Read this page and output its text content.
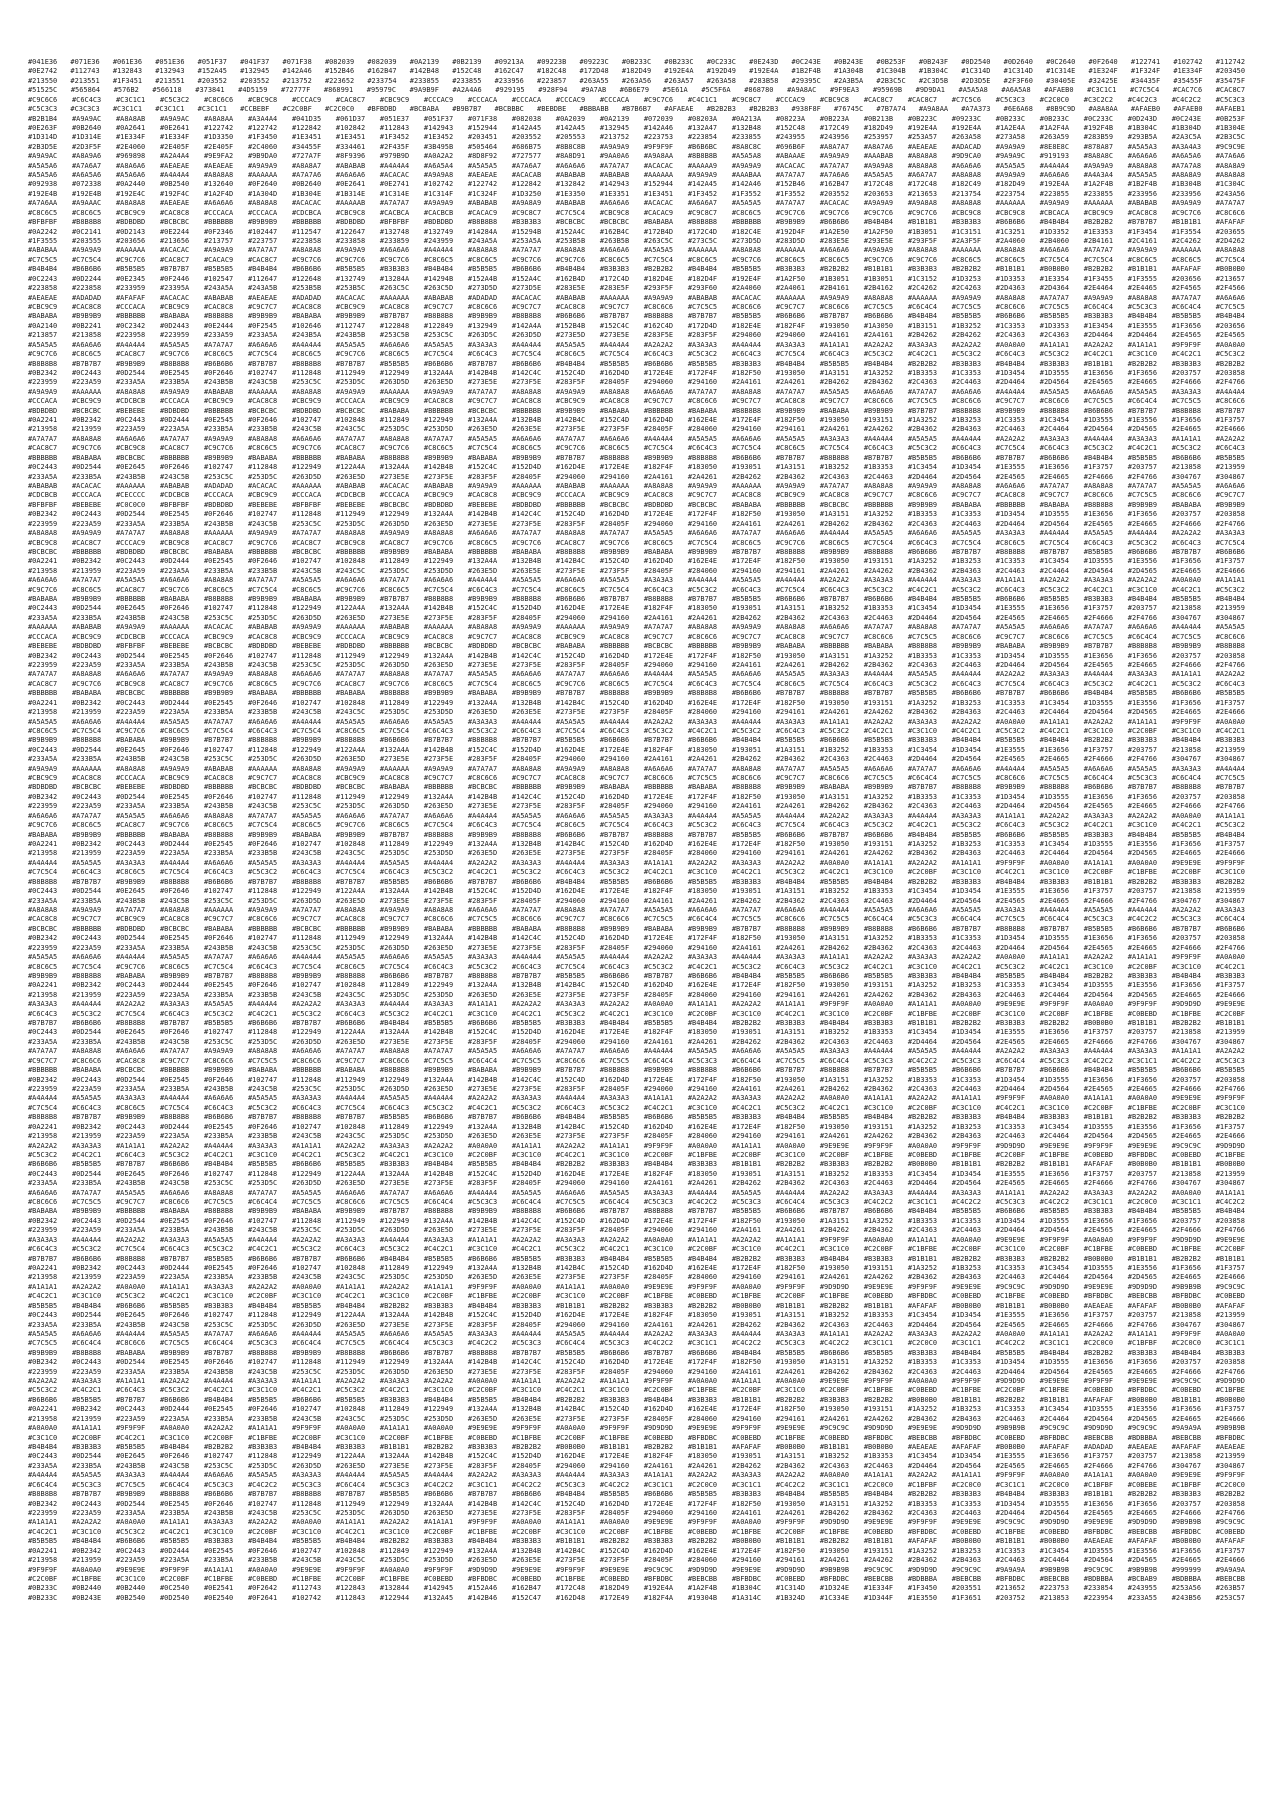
#041E36 #071E36 #061E36 #051E36 #051F37 #041F37 #071F38 #082039 #082039 #0A2139 #0B2139 #09213A #09223B #09223C #0B233C #0B233C #0C233C #0E243D #0C243E #0B243E #0B253F #0B243F #0D2540 #0D2640 #0C2640 #0F2640 #122741 #102742 #112742
#0E2742 #112743 #132843 #132943 #152A45 #132945 #142A46 #152B46 #162B47 #142B48 #152C48 #162C47 #182C48 #172D48 #182D49 #192E4A #192D49 #192E4A #1B2F4B #1A304B #1C304B #1B304C #1C314D #1C314D #1C314E #1E324F #1F324F #1E334F #203450
#213550 #213551 #1F3451 #213551 #203552 #203552 #213752 #223652 #233754 #233855 #233855 #233956 #223857 #263A55 #263A56 #263A57 #263A58 #283B58 #29395C #2A3B5A #2B3C5C #2C3D5B #2D3D5E #2F3F60 #30405E #32425E #34435F #35455F #35475F
#51525C #565864 #576B2 #566118 #373841 #4D5159 #72777F #868991 #95979C #9A9B9F #A2A4A6 #929195 #928F94 #9A7AB #6B6E79 #5E61A #5C5F6A #868780 #A9A8AC #9F9EA3 #95969B #9D9DA1 #A5A5A8 #A6A5A8 #AFAEB0 #C3C1C1 #C7C5C4 #CAC7C6 #CAC8C7
#C9C6C6 #C6C4C3 #C3C1C1 #C5C3C2 #C8C6C6 #CBC9C8 #CCCAC9 #CAC8C7 #CBC9C9 #CCCAC9 #CCCACA #CCCACA #CCCAC9 #CCCACA #C9C7C6 #C4C1C1 #C9C8C7 #CCCAC9 #CBC9C8 #CAC8C7 #CAC8C7 #C7C5C6 #C5C3C3 #C2C0C0 #C3C2C2 #C4C2C3 #C4C2C2 #C5C3C3
#C5C3C3 #C3C3C3 #C3C1C1 #C3C1C1 #C3C1C1 #CCBEBF #C2C0BF #C2C0C0 #BFBDBD #BCBABA #B9B7B7 #BCBBBC #BEBDBE #BBBABB #B7B6B7 #AFAEAE #B2B2B3 #B2B2B3 #938F8F #76745C #7B7A74 #A9A8AA #A7A373 #6E6A68 #8B9C9D #A8A8AA #AFAEB0 #AFAEB0 #AFAEB1
#B2B1B4 #A9A9AC #A8A8AB #A9A9AC #A8A8AA #A3A4A4 #041D35 #061D37 #051E37 #051F37 #071F38 #082038 #0A2039 #0A2139 #072039 #08203A #0A213A #08223A #0B223A #0B213B #0B223C #09233C #0B233C #0B233C #0C233C #0D243D #0C243E #0B253F
#0E263F #0B2640 #0A2641 #0E2641 #122742 #122742 #122842 #102842 #112843 #142943 #152944 #142A45 #142A45 #132945 #142A46 #132A47 #132B48 #152C48 #172C49 #182D49 #192E4A #192E4A #1A2E4A #1A2F4A #192F4B #1B304C #1B304D #1B304E
#1D314D #1D314E #1E334F #1E334F #1D3350 #1F3450 #1E3451 #1E3451 #1F3452 #1E3452 #203451 #203552 #205553 #213752 #223753 #223854 #233855 #243955 #243956 #253957 #253A57 #263A58 #273A58 #263A59 #283B59 #293B5A #2A3C5A #2B3C5C
#2B3D5E #2D3F5F #2E4060 #2E405F #2E405F #2C4060 #34455F #334461 #2F435F #3B495B #505464 #686B75 #8B8C8B #A9A9A9 #9F9F9F #B6B6BC #8A8C8C #696B6F #A8A7A7 #A8A7A6 #AEAEAE #ADACAD #A9A9A9 #8E8E8C #878A87 #A5A5A3 #A3A4A3 #9C9C9E
#A9A9AC #A8A9A6 #969898 #A2A4A4 #9E9FA2 #9B9DA0 #727A7F #8F9396 #979B9D #A0A2A2 #8D8F92 #727577 #8A8D91 #9AA0A6 #A9A8AA #8B8B8B #A5A5A8 #ABAAAE #A9A9A9 #AAABAB #A8A8A8 #9D9CA0 #9A9A9C #919193 #8A8A8C #A6A6A6 #A6A5A6 #A7A6A6
#A5A5A6 #A7A6A7 #A8A6A6 #AEAEAE #AEAEAE #A9A9A9 #A8A8A7 #ABABAB #A4A4A4 #A6A5A4 #A5A5A5 #A7A6A7 #A6A6A6 #A7A7A7 #ACACAC #AAAAA9 #A9A9A9 #ACACAC #A7A7A7 #A9A9A8 #A8A8A8 #A6A6A6 #A5A5A5 #A4A4A4 #A9A9A9 #A8A8A8 #A7A7A8 #A8A8A9
#A5A5A6 #A6A5A6 #A5A6A6 #A4A4A4 #A8A8A8 #AAAAAA #A7A7A6 #A6A6A6 #ACACAC #A9A9A8 #AEAEAE #ACACAB #ABABAB #ABABAB #AAAAAA #A9A9A9 #AAABAA #A7A7A7 #A7A6A6 #A5A5A5 #A6A7A7 #A8A8A8 #A9A9A9 #A6A6A6 #A4A3A4 #A5A5A5 #A8A8A9 #A8A8A8
#092938 #072338 #0A2440 #0B2540 #132640 #0F2640 #0B2640 #0E2641 #0E2741 #102742 #122742 #122842 #132842 #142943 #152944 #142A45 #142A46 #152B46 #162B47 #172C48 #172C48 #182C49 #182D49 #192E4A #1A2F4B #1B2F4B #1B304B #1C304C
#192E4B #192E4B #192E4C #192F4C #1A2F4D #1A304D #1B304E #1B314E #1C314E #1C314F #1C324F #1D3250 #1E3350 #1E3351 #1E3451 #1F3452 #1F3552 #1F3552 #203552 #203653 #213653 #213754 #223754 #223855 #233855 #233956 #233956 #243A56
#A7A6AA #A9AAAC #A8A8A8 #AEAEAE #A6A6A6 #A8A8A8 #ACACAC #AAAAAB #A7A7A7 #A9A9A9 #ABABAB #A9A8A9 #ABABAB #A6A6A6 #ACACAC #A6A6A7 #A5A5A5 #A7A7A7 #ACACAC #A9A9A9 #A9A8A8 #A8A8A8 #AAAAAA #A9A9A9 #AAAAAA #ABABAB #A9A9A9 #A7A7A7
#C8C6C5 #C8C6C5 #CBC9C9 #CAC8C8 #CCCACA #CCCACA #CDCBCA #CBC9C8 #CACBCA #CACBCB #CACAC9 #C9C8C7 #C7C5C4 #CBC9C8 #CACAC9 #C9C8C7 #C8C6C5 #C9C7C6 #C9C7C6 #C9C7C6 #C9C7C6 #CBC9C8 #CBC9C8 #CBCACA #CBC9C9 #CAC8C8 #C9C7C6 #C8C6C6
#BFBFBF #B8B8B8 #BDBDBD #BCBCBC #BBBBBB #B9B9B9 #BBBBBB #BDBDBD #BFBFBF #BDBDBD #B8B8B8 #B3B3B3 #BCBCBC #BCBCBC #BABABA #B8B8B8 #BBBBBB #B9B9B9 #B6B6B6 #B4B4B4 #B1B1B1 #B3B3B3 #B6B6B6 #B4B4B4 #B2B2B2 #B7B7B7 #B1B1B1 #AFAFAF
#0A2242 #0C2141 #0D2143 #0E2244 #0F2346 #102447 #112547 #122647 #132748 #132749 #14284A #15294B #152A4C #162B4C #172B4D #172C4D #182C4E #192D4F #1A2E50 #1A2F50 #1B3051 #1C3151 #1C3251 #1D3352 #1E3353 #1F3454 #1F3554 #203655
#1F3555 #203555 #203656 #213656 #213757 #223757 #223858 #233858 #233859 #243959 #243A5A #253A5A #253B5B #263B5B #263C5C #273C5C #273D5D #283D5D #283E5E #293E5E #293F5F #2A3F5F #2A4060 #2B4060 #2B4161 #2C4161 #2C4262 #2D4262
#ABABAA #A9A9A9 #AAAAAA #ACACAC #A9A9A9 #A7A7A7 #A8A8A8 #A9A9A9 #A6A6A6 #A4A4A4 #A8A8A8 #A7A7A7 #A8A8A8 #A6A6A6 #A5A5A5 #AAAAAA #A8A8A8 #AAAAAA #A6A6A6 #A9A9A9 #A8A8A8 #AAAAAA #A8A8A8 #A6A6A6 #A7A7A7 #A9A9A9 #AAAAAA #A8A8A8
#C7C5C5 #C7C5C4 #C9C7C6 #CAC8C7 #CACAC9 #CAC8C7 #C9C7C6 #C9C7C6 #C9C7C6 #C8C6C5 #C8C6C5 #C9C7C6 #C9C7C6 #C8C6C5 #C7C5C4 #C8C6C5 #C9C7C6 #C8C6C5 #C8C6C5 #C9C7C6 #C9C7C6 #C8C6C5 #C8C6C5 #C7C5C4 #C7C5C4 #C8C6C5 #C8C6C5 #C7C5C4
#B4B4B4 #B6B6B6 #B5B5B5 #B7B7B7 #B5B5B5 #B4B4B4 #B6B6B6 #B5B5B5 #B3B3B3 #B4B4B4 #B5B5B5 #B6B6B6 #B4B4B4 #B3B3B3 #B2B2B2 #B4B4B4 #B5B5B5 #B3B3B3 #B2B2B2 #B1B1B1 #B3B3B3 #B2B2B2 #B1B1B1 #B0B0B0 #B2B2B2 #B1B1B1 #AFAFAF #B0B0B0
#0C2243 #0D2244 #0E2345 #0F2446 #102547 #112647 #122648 #132749 #13284A #14294B #152A4B #152A4C #162B4D #172C4D #182D4E #182D4F #192E4F #1A2F50 #1B3051 #1B3051 #1C3152 #1D3253 #1D3353 #1E3354 #1F3455 #1F3555 #203656 #213657
#223858 #223858 #233959 #23395A #243A5A #243A5B #253B5B #253B5C #263C5C #263C5D #273D5D #273D5E #283E5E #283E5F #293F5F #293F60 #2A4060 #2A4061 #2B4161 #2B4162 #2C4262 #2C4263 #2D4363 #2D4364 #2E4464 #2E4465 #2F4565 #2F4566
#AEAEAE #ADADAD #AFAFAF #ACACAC #ABABAB #AEAEAE #ADADAD #ACACAC #AAAAAA #ABABAB #ADADAD #ACACAC #ABABAB #AAAAAA #A9A9A9 #ABABAB #ACACAC #AAAAAA #A9A9A9 #A8A8A8 #AAAAAA #A9A9A9 #A8A8A8 #A7A7A7 #A9A9A9 #A8A8A8 #A7A7A7 #A6A6A6
#CBC9C9 #CAC8C8 #CCCACA #CBC9C9 #CAC8C8 #C9C7C7 #CAC8C8 #CBC9C9 #CAC8C8 #C9C7C7 #C8C6C6 #C9C7C7 #CAC8C8 #C9C7C7 #C8C6C6 #C7C5C5 #C8C6C6 #C9C7C7 #C8C6C6 #C7C5C5 #C6C4C4 #C7C5C5 #C8C6C6 #C7C5C5 #C6C4C4 #C5C3C3 #C6C4C4 #C7C5C5
#BABABA #B9B9B9 #BBBBBB #BABABA #B8B8B8 #B9B9B9 #BABABA #B9B9B9 #B7B7B7 #B8B8B8 #B9B9B9 #B8B8B8 #B6B6B6 #B7B7B7 #B8B8B8 #B7B7B7 #B5B5B5 #B6B6B6 #B7B7B7 #B6B6B6 #B4B4B4 #B5B5B5 #B6B6B6 #B5B5B5 #B3B3B3 #B4B4B4 #B5B5B5 #B4B4B4
#0A2140 #0B2241 #0C2342 #0D2443 #0E2444 #0F2545 #102646 #112747 #122848 #122849 #132949 #142A4A #152B4B #152C4C #162C4D #172D4D #182E4E #182F4F #193050 #1A3050 #1B3151 #1B3252 #1C3353 #1D3353 #1E3454 #1E3555 #1F3656 #203656
#213857 #213858 #223958 #223959 #233A59 #233A5A #243B5A #243B5B #253C5B #253C5C #263D5C #263D5D #273E5D #273E5E #283F5E #283F5F #294060 #294060 #2A4161 #2A4161 #2B4262 #2B4262 #2C4363 #2C4363 #2D4464 #2D4464 #2E4565 #2E4565
#A5A5A5 #A6A6A6 #A4A4A4 #A5A5A5 #A7A7A7 #A6A6A6 #A4A4A4 #A5A5A5 #A6A6A6 #A5A5A5 #A3A3A3 #A4A4A4 #A5A5A5 #A4A4A4 #A2A2A2 #A3A3A3 #A4A4A4 #A3A3A3 #A1A1A1 #A2A2A2 #A3A3A3 #A2A2A2 #A0A0A0 #A1A1A1 #A2A2A2 #A1A1A1 #9F9F9F #A0A0A0
#C9C7C6 #C8C6C5 #CAC8C7 #C9C7C6 #C8C6C5 #C7C5C4 #C8C6C5 #C9C7C6 #C8C6C5 #C7C5C4 #C6C4C3 #C7C5C4 #C8C6C5 #C7C5C4 #C6C4C3 #C5C3C2 #C6C4C3 #C7C5C4 #C6C4C3 #C5C3C2 #C4C2C1 #C5C3C2 #C6C4C3 #C5C3C2 #C4C2C1 #C3C1C0 #C4C2C1 #C5C3C2
#B8B8B8 #B7B7B7 #B9B9B9 #B8B8B8 #B6B6B6 #B7B7B7 #B8B8B8 #B7B7B7 #B5B5B5 #B6B6B6 #B7B7B7 #B6B6B6 #B4B4B4 #B5B5B5 #B6B6B6 #B5B5B5 #B3B3B3 #B4B4B4 #B5B5B5 #B4B4B4 #B2B2B2 #B3B3B3 #B4B4B4 #B3B3B3 #B1B1B1 #B2B2B2 #B3B3B3 #B2B2B2
#0B2342 #0C2443 #0D2544 #0E2545 #0F2646 #102747 #112848 #112949 #122949 #132A4A #142B4B #142C4C #152C4D #162D4D #172E4E #172F4F #182F50 #193050 #1A3151 #1A3252 #1B3353 #1C3353 #1D3454 #1D3555 #1E3656 #1F3656 #203757 #203858
#223959 #223A59 #233A5A #233B5A #243B5B #243C5B #253C5C #253D5C #263D5D #263E5D #273E5E #273F5E #283F5F #28405F #294060 #294160 #2A4161 #2A4261 #2B4262 #2B4362 #2C4363 #2C4463 #2D4464 #2D4564 #2E4565 #2E4665 #2F4666 #2F4766
#A9A9A9 #AAAAAA #A8A8A8 #A9A9A9 #ABABAB #AAAAAA #A8A8A8 #A9A9A9 #AAAAAA #A9A9A9 #A7A7A7 #A8A8A8 #A9A9A9 #A8A8A8 #A6A6A6 #A7A7A7 #A8A8A8 #A7A7A7 #A5A5A5 #A6A6A6 #A7A7A7 #A6A6A6 #A4A4A4 #A5A5A5 #A6A6A6 #A5A5A5 #A3A3A3 #A4A4A4
#CCCACA #CBC9C9 #CDCBCB #CCCACA #CBC9C9 #CAC8C8 #CBC9C9 #CCCACA #CBC9C9 #CAC8C8 #C9C7C7 #CAC8C8 #CBC9C9 #CAC8C8 #C9C7C7 #C8C6C6 #C9C7C7 #CAC8C8 #C9C7C7 #C8C6C6 #C7C5C5 #C8C6C6 #C9C7C7 #C8C6C6 #C7C5C5 #C6C4C4 #C7C5C5 #C8C6C6
#BDBDBD #BCBCBC #BEBEBE #BDBDBD #BBBBBB #BCBCBC #BDBDBD #BCBCBC #BABABA #BBBBBB #BCBCBC #BBBBBB #B9B9B9 #BABABA #BBBBBB #BABABA #B8B8B8 #B9B9B9 #BABABA #B9B9B9 #B7B7B7 #B8B8B8 #B9B9B9 #B8B8B8 #B6B6B6 #B7B7B7 #B8B8B8 #B7B7B7
#0A2241 #0B2342 #0C2443 #0D2444 #0E2545 #0F2646 #102747 #102848 #112849 #122949 #132A4A #132B4B #142B4C #152C4D #162D4D #162E4E #172E4F #182F50 #193050 #193151 #1A3252 #1B3253 #1C3353 #1C3454 #1D3555 #1E3556 #1F3656 #1F3757
#213958 #213959 #223A59 #223A5A #233B5A #233B5B #243C5B #243C5C #253D5C #253D5D #263E5D #263E5E #273F5E #273F5F #28405F #284060 #294160 #294161 #2A4261 #2A4262 #2B4362 #2B4363 #2C4463 #2C4464 #2D4564 #2D4565 #2E4665 #2E4666
#A7A7A7 #A8A8A8 #A6A6A6 #A7A7A7 #A9A9A9 #A8A8A8 #A6A6A6 #A7A7A7 #A8A8A8 #A7A7A7 #A5A5A5 #A6A6A6 #A7A7A7 #A6A6A6 #A4A4A4 #A5A5A5 #A6A6A6 #A5A5A5 #A3A3A3 #A4A4A4 #A5A5A5 #A4A4A4 #A2A2A2 #A3A3A3 #A4A4A4 #A3A3A3 #A1A1A1 #A2A2A2
#CAC8C7 #C9C7C6 #CBC9C8 #CAC8C7 #C9C7C6 #C8C6C5 #C9C7C6 #CAC8C7 #C9C7C6 #C8C6C5 #C7C5C4 #C8C6C5 #C9C7C6 #C8C6C5 #C7C5C4 #C6C4C3 #C7C5C4 #C8C6C5 #C7C5C4 #C6C4C3 #C5C3C2 #C6C4C3 #C7C5C4 #C6C4C3 #C5C3C2 #C4C2C1 #C5C3C2 #C6C4C3
#BBBBBB #BABABA #BCBCBC #BBBBBB #B9B9B9 #BABABA #BBBBBB #BABABA #B8B8B8 #B9B9B9 #BABABA #B9B9B9 #B7B7B7 #B8B8B8 #B9B9B9 #B8B8B8 #B6B6B6 #B7B7B7 #B8B8B8 #B7B7B7 #B5B5B5 #B6B6B6 #B7B7B7 #B6B6B6 #B4B4B4 #B5B5B5 #B6B6B6 #B5B5B5
#0C2443 #0D2544 #0E2645 #0F2646 #102747 #112848 #122949 #122A4A #132A4A #142B4B #152C4C #152D4D #162D4E #172E4E #182F4F #183050 #193051 #1A3151 #1B3252 #1B3353 #1C3454 #1D3454 #1E3555 #1E3656 #1F3757 #203757 #213858 #213959
#233A5A #233B5A #243B5B #243C5B #253C5C #253D5C #263D5D #263E5D #273E5E #273F5E #283F5F #28405F #294060 #294160 #2A4161 #2A4261 #2B4262 #2B4362 #2C4363 #2C4463 #2D4464 #2D4564 #2E4565 #2E4665 #2F4666 #2F4766 #304767 #304867
#ABABAB #ACACAC #AAAAAA #ABABAB #ADADAD #ACACAC #AAAAAA #ABABAB #ACACAC #ABABAB #A9A9A9 #AAAAAA #ABABAB #AAAAAA #A8A8A8 #A9A9A9 #AAAAAA #A9A9A9 #A7A7A7 #A8A8A8 #A9A9A9 #A8A8A8 #A6A6A6 #A7A7A7 #A8A8A8 #A7A7A7 #A5A5A5 #A6A6A6
#CDCBCB #CCCACA #CECCCC #CDCBCB #CCCACA #CBC9C9 #CCCACA #CDCBCB #CCCACA #CBC9C9 #CAC8C8 #CBC9C9 #CCCACA #CBC9C9 #CAC8C8 #C9C7C7 #CAC8C8 #CBC9C9 #CAC8C8 #C9C7C7 #C8C6C6 #C9C7C7 #CAC8C8 #C9C7C7 #C8C6C6 #C7C5C5 #C8C6C6 #C9C7C7
#BFBFBF #BEBEBE #C0C0C0 #BFBFBF #BDBDBD #BEBEBE #BFBFBF #BEBEBE #BCBCBC #BDBDBD #BEBEBE #BDBDBD #BBBBBB #BCBCBC #BDBDBD #BCBCBC #BABABA #BBBBBB #BCBCBC #BBBBBB #B9B9B9 #BABABA #BBBBBB #BABABA #B8B8B8 #B9B9B9 #BABABA #B9B9B9
#0B2342 #0C2443 #0D2544 #0E2545 #0F2646 #102747 #112848 #112949 #122949 #132A4A #142B4B #142C4C #152C4D #162D4D #172E4E #172F4F #182F50 #193050 #1A3151 #1A3252 #1B3353 #1C3353 #1D3454 #1D3555 #1E3656 #1F3656 #203757 #203858
#223959 #223A59 #233A5A #233B5A #243B5B #243C5B #253C5C #253D5C #263D5D #263E5D #273E5E #273F5E #283F5F #28405F #294060 #294160 #2A4161 #2A4261 #2B4262 #2B4362 #2C4363 #2C4463 #2D4464 #2D4564 #2E4565 #2E4665 #2F4666 #2F4766
#A8A8A8 #A9A9A9 #A7A7A7 #A8A8A8 #AAAAAA #A9A9A9 #A7A7A7 #A8A8A8 #A9A9A9 #A8A8A8 #A6A6A6 #A7A7A7 #A8A8A8 #A7A7A7 #A5A5A5 #A6A6A6 #A7A7A7 #A6A6A6 #A4A4A4 #A5A5A5 #A6A6A6 #A5A5A5 #A3A3A3 #A4A4A4 #A5A5A5 #A4A4A4 #A2A2A2 #A3A3A3
#CBC9C8 #CAC8C7 #CCCAC9 #CBC9C8 #CAC8C7 #C9C7C6 #CAC8C7 #CBC9C8 #CAC8C7 #C9C7C6 #C8C6C5 #C9C7C6 #CAC8C7 #C9C7C6 #C8C6C5 #C7C5C4 #C8C6C5 #C9C7C6 #C8C6C5 #C7C5C4 #C6C4C3 #C7C5C4 #C8C6C5 #C7C5C4 #C6C4C3 #C5C3C2 #C6C4C3 #C7C5C4
#BCBCBC #BBBBBB #BDBDBD #BCBCBC #BABABA #BBBBBB #BCBCBC #BBBBBB #B9B9B9 #BABABA #BBBBBB #BABABA #B8B8B8 #B9B9B9 #BABABA #B9B9B9 #B7B7B7 #B8B8B8 #B9B9B9 #B8B8B8 #B6B6B6 #B7B7B7 #B8B8B8 #B7B7B7 #B5B5B5 #B6B6B6 #B7B7B7 #B6B6B6
#0A2241 #0B2342 #0C2443 #0D2444 #0E2545 #0F2646 #102747 #102848 #112849 #122949 #132A4A #132B4B #142B4C #152C4D #162D4D #162E4E #172E4F #182F50 #193050 #193151 #1A3252 #1B3253 #1C3353 #1C3454 #1D3555 #1E3556 #1F3656 #1F3757
#213958 #213959 #223A59 #223A5A #233B5A #233B5B #243C5B #243C5C #253D5C #253D5D #263E5D #263E5E #273F5E #273F5F #28405F #284060 #294160 #294161 #2A4261 #2A4262 #2B4362 #2B4363 #2C4463 #2C4464 #2D4564 #2D4565 #2E4665 #2E4666
#A6A6A6 #A7A7A7 #A5A5A5 #A6A6A6 #A8A8A8 #A7A7A7 #A5A5A5 #A6A6A6 #A7A7A7 #A6A6A6 #A4A4A4 #A5A5A5 #A6A6A6 #A5A5A5 #A3A3A3 #A4A4A4 #A5A5A5 #A4A4A4 #A2A2A2 #A3A3A3 #A4A4A4 #A3A3A3 #A1A1A1 #A2A2A2 #A3A3A3 #A2A2A2 #A0A0A0 #A1A1A1
#C9C7C6 #C8C6C5 #CAC8C7 #C9C7C6 #C8C6C5 #C7C5C4 #C8C6C5 #C9C7C6 #C8C6C5 #C7C5C4 #C6C4C3 #C7C5C4 #C8C6C5 #C7C5C4 #C6C4C3 #C5C3C2 #C6C4C3 #C7C5C4 #C6C4C3 #C5C3C2 #C4C2C1 #C5C3C2 #C6C4C3 #C5C3C2 #C4C2C1 #C3C1C0 #C4C2C1 #C5C3C2
#BABABA #B9B9B9 #BBBBBB #BABABA #B8B8B8 #B9B9B9 #BABABA #B9B9B9 #B7B7B7 #B8B8B8 #B9B9B9 #B8B8B8 #B6B6B6 #B7B7B7 #B8B8B8 #B7B7B7 #B5B5B5 #B6B6B6 #B7B7B7 #B6B6B6 #B4B4B4 #B5B5B5 #B6B6B6 #B5B5B5 #B3B3B3 #B4B4B4 #B5B5B5 #B4B4B4
#0C2443 #0D2544 #0E2645 #0F2646 #102747 #112848 #122949 #122A4A #132A4A #142B4B #152C4C #152D4D #162D4E #172E4E #182F4F #183050 #193051 #1A3151 #1B3252 #1B3353 #1C3454 #1D3454 #1E3555 #1E3656 #1F3757 #203757 #213858 #213959
#233A5A #233B5A #243B5B #243C5B #253C5C #253D5C #263D5D #263E5D #273E5E #273F5E #283F5F #28405F #294060 #294160 #2A4161 #2A4261 #2B4262 #2B4362 #2C4363 #2C4463 #2D4464 #2D4564 #2E4565 #2E4665 #2F4666 #2F4766 #304767 #304867
#AAAAAA #ABABAB #A9A9A9 #AAAAAA #ACACAC #ABABAB #A9A9A9 #AAAAAA #ABABAB #AAAAAA #A8A8A8 #A9A9A9 #AAAAAA #A9A9A9 #A7A7A7 #A8A8A8 #A9A9A9 #A8A8A8 #A6A6A6 #A7A7A7 #A8A8A8 #A7A7A7 #A5A5A5 #A6A6A6 #A7A7A7 #A6A6A6 #A4A4A4 #A5A5A5
#CCCACA #CBC9C9 #CDCBCB #CCCACA #CBC9C9 #CAC8C8 #CBC9C9 #CCCACA #CBC9C9 #CAC8C8 #C9C7C7 #CAC8C8 #CBC9C9 #CAC8C8 #C9C7C7 #C8C6C6 #C9C7C7 #CAC8C8 #C9C7C7 #C8C6C6 #C7C5C5 #C8C6C6 #C9C7C7 #C8C6C6 #C7C5C5 #C6C4C4 #C7C5C5 #C8C6C6
#BEBEBE #BDBDBD #BFBFBF #BEBEBE #BCBCBC #BDBDBD #BEBEBE #BDBDBD #BBBBBB #BCBCBC #BDBDBD #BCBCBC #BABABA #BBBBBB #BCBCBC #BBBBBB #B9B9B9 #BABABA #BBBBBB #BABABA #B8B8B8 #B9B9B9 #BABABA #B9B9B9 #B7B7B7 #B8B8B8 #B9B9B9 #B8B8B8
#0B2342 #0C2443 #0D2544 #0E2545 #0F2646 #102747 #112848 #112949 #122949 #132A4A #142B4B #142C4C #152C4D #162D4D #172E4E #172F4F #182F50 #193050 #1A3151 #1A3252 #1B3353 #1C3353 #1D3454 #1D3555 #1E3656 #1F3656 #203757 #203858
#223959 #223A59 #233A5A #233B5A #243B5B #243C5B #253C5C #253D5C #263D5D #263E5D #273E5E #273F5E #283F5F #28405F #294060 #294160 #2A4161 #2A4261 #2B4262 #2B4362 #2C4363 #2C4463 #2D4464 #2D4564 #2E4565 #2E4665 #2F4666 #2F4766
#A7A7A7 #A8A8A8 #A6A6A6 #A7A7A7 #A9A9A9 #A8A8A8 #A6A6A6 #A7A7A7 #A8A8A8 #A7A7A7 #A5A5A5 #A6A6A6 #A7A7A7 #A6A6A6 #A4A4A4 #A5A5A5 #A6A6A6 #A5A5A5 #A3A3A3 #A4A4A4 #A5A5A5 #A4A4A4 #A2A2A2 #A3A3A3 #A4A4A4 #A3A3A3 #A1A1A1 #A2A2A2
#CAC8C7 #C9C7C6 #CBC9C8 #CAC8C7 #C9C7C6 #C8C6C5 #C9C7C6 #CAC8C7 #C9C7C6 #C8C6C5 #C7C5C4 #C8C6C5 #C9C7C6 #C8C6C5 #C7C5C4 #C6C4C3 #C7C5C4 #C8C6C5 #C7C5C4 #C6C4C3 #C5C3C2 #C6C4C3 #C7C5C4 #C6C4C3 #C5C3C2 #C4C2C1 #C5C3C2 #C6C4C3
#BBBBBB #BABABA #BCBCBC #BBBBBB #B9B9B9 #BABABA #BBBBBB #BABABA #B8B8B8 #B9B9B9 #BABABA #B9B9B9 #B7B7B7 #B8B8B8 #B9B9B9 #B8B8B8 #B6B6B6 #B7B7B7 #B8B8B8 #B7B7B7 #B5B5B5 #B6B6B6 #B7B7B7 #B6B6B6 #B4B4B4 #B5B5B5 #B6B6B6 #B5B5B5
#0A2241 #0B2342 #0C2443 #0D2444 #0E2545 #0F2646 #102747 #102848 #112849 #122949 #132A4A #132B4B #142B4C #152C4D #162D4D #162E4E #172E4F #182F50 #193050 #193151 #1A3252 #1B3253 #1C3353 #1C3454 #1D3555 #1E3556 #1F3656 #1F3757
#213958 #213959 #223A59 #223A5A #233B5A #233B5B #243C5B #243C5C #253D5C #253D5D #263E5D #263E5E #273F5E #273F5F #28405F #284060 #294160 #294161 #2A4261 #2A4262 #2B4362 #2B4363 #2C4463 #2C4464 #2D4564 #2D4565 #2E4665 #2E4666
#A5A5A5 #A6A6A6 #A4A4A4 #A5A5A5 #A7A7A7 #A6A6A6 #A4A4A4 #A5A5A5 #A6A6A6 #A5A5A5 #A3A3A3 #A4A4A4 #A5A5A5 #A4A4A4 #A2A2A2 #A3A3A3 #A4A4A4 #A3A3A3 #A1A1A1 #A2A2A2 #A3A3A3 #A2A2A2 #A0A0A0 #A1A1A1 #A2A2A2 #A1A1A1 #9F9F9F #A0A0A0
#C8C6C5 #C7C5C4 #C9C7C6 #C8C6C5 #C7C5C4 #C6C4C3 #C7C5C4 #C8C6C5 #C7C5C4 #C6C4C3 #C5C3C2 #C6C4C3 #C7C5C4 #C6C4C3 #C5C3C2 #C4C2C1 #C5C3C2 #C6C4C3 #C5C3C2 #C4C2C1 #C3C1C0 #C4C2C1 #C5C3C2 #C4C2C1 #C3C1C0 #C2C0BF #C3C1C0 #C4C2C1
#B9B9B9 #B8B8B8 #BABABA #B9B9B9 #B7B7B7 #B8B8B8 #B9B9B9 #B8B8B8 #B6B6B6 #B7B7B7 #B8B8B8 #B7B7B7 #B5B5B5 #B6B6B6 #B7B7B7 #B6B6B6 #B4B4B4 #B5B5B5 #B6B6B6 #B5B5B5 #B3B3B3 #B4B4B4 #B5B5B5 #B4B4B4 #B2B2B2 #B3B3B3 #B4B4B4 #B3B3B3
#0C2443 #0D2544 #0E2645 #0F2646 #102747 #112848 #122949 #122A4A #132A4A #142B4B #152C4C #152D4D #162D4E #172E4E #182F4F #183050 #193051 #1A3151 #1B3252 #1B3353 #1C3454 #1D3454 #1E3555 #1E3656 #1F3757 #203757 #213858 #213959
#233A5A #233B5A #243B5B #243C5B #253C5C #253D5C #263D5D #263E5D #273E5E #273F5E #283F5F #28405F #294060 #294160 #2A4161 #2A4261 #2B4262 #2B4362 #2C4363 #2C4463 #2D4464 #2D4564 #2E4565 #2E4665 #2F4666 #2F4766 #304767 #304867
#A9A9A9 #AAAAAA #A8A8A8 #A9A9A9 #ABABAB #AAAAAA #A8A8A8 #A9A9A9 #AAAAAA #A9A9A9 #A7A7A7 #A8A8A8 #A9A9A9 #A8A8A8 #A6A6A6 #A7A7A7 #A8A8A8 #A7A7A7 #A5A5A5 #A6A6A6 #A7A7A7 #A6A6A6 #A4A4A4 #A5A5A5 #A6A6A6 #A5A5A5 #A3A3A3 #A4A4A4
#CBC9C9 #CAC8C8 #CCCACA #CBC9C9 #CAC8C8 #C9C7C7 #CAC8C8 #CBC9C9 #CAC8C8 #C9C7C7 #C8C6C6 #C9C7C7 #CAC8C8 #C9C7C7 #C8C6C6 #C7C5C5 #C8C6C6 #C9C7C7 #C8C6C6 #C7C5C5 #C6C4C4 #C7C5C5 #C8C6C6 #C7C5C5 #C6C4C4 #C5C3C3 #C6C4C4 #C7C5C5
#BDBDBD #BCBCBC #BEBEBE #BDBDBD #BBBBBB #BCBCBC #BDBDBD #BCBCBC #BABABA #BBBBBB #BCBCBC #BBBBBB #B9B9B9 #BABABA #BBBBBB #BABABA #B8B8B8 #B9B9B9 #BABABA #B9B9B9 #B7B7B7 #B8B8B8 #B9B9B9 #B8B8B8 #B6B6B6 #B7B7B7 #B8B8B8 #B7B7B7
#0B2342 #0C2443 #0D2544 #0E2545 #0F2646 #102747 #112848 #112949 #122949 #132A4A #142B4B #142C4C #152C4D #162D4D #172E4E #172F4F #182F50 #193050 #1A3151 #1A3252 #1B3353 #1C3353 #1D3454 #1D3555 #1E3656 #1F3656 #203757 #203858
#223959 #223A59 #233A5A #233B5A #243B5B #243C5B #253C5C #253D5C #263D5D #263E5D #273E5E #273F5E #283F5F #28405F #294060 #294160 #2A4161 #2A4261 #2B4262 #2B4362 #2C4363 #2C4463 #2D4464 #2D4564 #2E4565 #2E4665 #2F4666 #2F4766
#A6A6A6 #A7A7A7 #A5A5A5 #A6A6A6 #A8A8A8 #A7A7A7 #A5A5A5 #A6A6A6 #A7A7A7 #A6A6A6 #A4A4A4 #A5A5A5 #A6A6A6 #A5A5A5 #A3A3A3 #A4A4A4 #A5A5A5 #A4A4A4 #A2A2A2 #A3A3A3 #A4A4A4 #A3A3A3 #A1A1A1 #A2A2A2 #A3A3A3 #A2A2A2 #A0A0A0 #A1A1A1
#C9C7C6 #C8C6C5 #CAC8C7 #C9C7C6 #C8C6C5 #C7C5C4 #C8C6C5 #C9C7C6 #C8C6C5 #C7C5C4 #C6C4C3 #C7C5C4 #C8C6C5 #C7C5C4 #C6C4C3 #C5C3C2 #C6C4C3 #C7C5C4 #C6C4C3 #C5C3C2 #C4C2C1 #C5C3C2 #C6C4C3 #C5C3C2 #C4C2C1 #C3C1C0 #C4C2C1 #C5C3C2
#BABABA #B9B9B9 #BBBBBB #BABABA #B8B8B8 #B9B9B9 #BABABA #B9B9B9 #B7B7B7 #B8B8B8 #B9B9B9 #B8B8B8 #B6B6B6 #B7B7B7 #B8B8B8 #B7B7B7 #B5B5B5 #B6B6B6 #B7B7B7 #B6B6B6 #B4B4B4 #B5B5B5 #B6B6B6 #B5B5B5 #B3B3B3 #B4B4B4 #B5B5B5 #B4B4B4
#0A2241 #0B2342 #0C2443 #0D2444 #0E2545 #0F2646 #102747 #102848 #112849 #122949 #132A4A #132B4B #142B4C #152C4D #162D4D #162E4E #172E4F #182F50 #193050 #193151 #1A3252 #1B3253 #1C3353 #1C3454 #1D3555 #1E3556 #1F3656 #1F3757
#213958 #213959 #223A59 #223A5A #233B5A #233B5B #243C5B #243C5C #253D5C #253D5D #263E5D #263E5E #273F5E #273F5F #28405F #284060 #294160 #294161 #2A4261 #2A4262 #2B4362 #2B4363 #2C4463 #2C4464 #2D4564 #2D4565 #2E4665 #2E4666
#A4A4A4 #A5A5A5 #A3A3A3 #A4A4A4 #A6A6A6 #A5A5A5 #A3A3A3 #A4A4A4 #A5A5A5 #A4A4A4 #A2A2A2 #A3A3A3 #A4A4A4 #A3A3A3 #A1A1A1 #A2A2A2 #A3A3A3 #A2A2A2 #A0A0A0 #A1A1A1 #A2A2A2 #A1A1A1 #9F9F9F #A0A0A0 #A1A1A1 #A0A0A0 #9E9E9E #9F9F9F
#C7C5C4 #C6C4C3 #C8C6C5 #C7C5C4 #C6C4C3 #C5C3C2 #C6C4C3 #C7C5C4 #C6C4C3 #C5C3C2 #C4C2C1 #C5C3C2 #C6C4C3 #C5C3C2 #C4C2C1 #C3C1C0 #C4C2C1 #C5C3C2 #C4C2C1 #C3C1C0 #C2C0BF #C3C1C0 #C4C2C1 #C3C1C0 #C2C0BF #C1BFBE #C2C0BF #C3C1C0
#B8B8B8 #B7B7B7 #B9B9B9 #B8B8B8 #B6B6B6 #B7B7B7 #B8B8B8 #B7B7B7 #B5B5B5 #B6B6B6 #B7B7B7 #B6B6B6 #B4B4B4 #B5B5B5 #B6B6B6 #B5B5B5 #B3B3B3 #B4B4B4 #B5B5B5 #B4B4B4 #B2B2B2 #B3B3B3 #B4B4B4 #B3B3B3 #B1B1B1 #B2B2B2 #B3B3B3 #B2B2B2
#0C2443 #0D2544 #0E2645 #0F2646 #102747 #112848 #122949 #122A4A #132A4A #142B4B #152C4C #152D4D #162D4E #172E4E #182F4F #183050 #193051 #1A3151 #1B3252 #1B3353 #1C3454 #1D3454 #1E3555 #1E3656 #1F3757 #203757 #213858 #213959
#233A5A #233B5A #243B5B #243C5B #253C5C #253D5C #263D5D #263E5D #273E5E #273F5E #283F5F #28405F #294060 #294160 #2A4161 #2A4261 #2B4262 #2B4362 #2C4363 #2C4463 #2D4464 #2D4564 #2E4565 #2E4665 #2F4666 #2F4766 #304767 #304867
#A8A8A8 #A9A9A9 #A7A7A7 #A8A8A8 #AAAAAA #A9A9A9 #A7A7A7 #A8A8A8 #A9A9A9 #A8A8A8 #A6A6A6 #A7A7A7 #A8A8A8 #A7A7A7 #A5A5A5 #A6A6A6 #A7A7A7 #A6A6A6 #A4A4A4 #A5A5A5 #A6A6A6 #A5A5A5 #A3A3A3 #A4A4A4 #A5A5A5 #A4A4A4 #A2A2A2 #A3A3A3
#CAC8C8 #C9C7C7 #CBC9C9 #CAC8C8 #C9C7C7 #C8C6C6 #C9C7C7 #CAC8C8 #C9C7C7 #C8C6C6 #C7C5C5 #C8C6C6 #C9C7C7 #C8C6C6 #C7C5C5 #C6C4C4 #C7C5C5 #C8C6C6 #C7C5C5 #C6C4C4 #C5C3C3 #C6C4C4 #C7C5C5 #C6C4C4 #C5C3C3 #C4C2C2 #C5C3C3 #C6C4C4
#BCBCBC #BBBBBB #BDBDBD #BCBCBC #BABABA #BBBBBB #BCBCBC #BBBBBB #B9B9B9 #BABABA #BBBBBB #BABABA #B8B8B8 #B9B9B9 #BABABA #B9B9B9 #B7B7B7 #B8B8B8 #B9B9B9 #B8B8B8 #B6B6B6 #B7B7B7 #B8B8B8 #B7B7B7 #B5B5B5 #B6B6B6 #B7B7B7 #B6B6B6
#0B2342 #0C2443 #0D2544 #0E2545 #0F2646 #102747 #112848 #112949 #122949 #132A4A #142B4B #142C4C #152C4D #162D4D #172E4E #172F4F #182F50 #193050 #1A3151 #1A3252 #1B3353 #1C3353 #1D3454 #1D3555 #1E3656 #1F3656 #203757 #203858
#223959 #223A59 #233A5A #233B5A #243B5B #243C5B #253C5C #253D5C #263D5D #263E5D #273E5E #273F5E #283F5F #28405F #294060 #294160 #2A4161 #2A4261 #2B4262 #2B4362 #2C4363 #2C4463 #2D4464 #2D4564 #2E4565 #2E4665 #2F4666 #2F4766
#A5A5A5 #A6A6A6 #A4A4A4 #A5A5A5 #A7A7A7 #A6A6A6 #A4A4A4 #A5A5A5 #A6A6A6 #A5A5A5 #A3A3A3 #A4A4A4 #A5A5A5 #A4A4A4 #A2A2A2 #A3A3A3 #A4A4A4 #A3A3A3 #A1A1A1 #A2A2A2 #A3A3A3 #A2A2A2 #A0A0A0 #A1A1A1 #A2A2A2 #A1A1A1 #9F9F9F #A0A0A0
#C8C6C5 #C7C5C4 #C9C7C6 #C8C6C5 #C7C5C4 #C6C4C3 #C7C5C4 #C8C6C5 #C7C5C4 #C6C4C3 #C5C3C2 #C6C4C3 #C7C5C4 #C6C4C3 #C5C3C2 #C4C2C1 #C5C3C2 #C6C4C3 #C5C3C2 #C4C2C1 #C3C1C0 #C4C2C1 #C5C3C2 #C4C2C1 #C3C1C0 #C2C0BF #C3C1C0 #C4C2C1
#B9B9B9 #B8B8B8 #BABABA #B9B9B9 #B7B7B7 #B8B8B8 #B9B9B9 #B8B8B8 #B6B6B6 #B7B7B7 #B8B8B8 #B7B7B7 #B5B5B5 #B6B6B6 #B7B7B7 #B6B6B6 #B4B4B4 #B5B5B5 #B6B6B6 #B5B5B5 #B3B3B3 #B4B4B4 #B5B5B5 #B4B4B4 #B2B2B2 #B3B3B3 #B4B4B4 #B3B3B3
#0A2241 #0B2342 #0C2443 #0D2444 #0E2545 #0F2646 #102747 #102848 #112849 #122949 #132A4A #132B4B #142B4C #152C4D #162D4D #162E4E #172E4F #182F50 #193050 #193151 #1A3252 #1B3253 #1C3353 #1C3454 #1D3555 #1E3556 #1F3656 #1F3757
#213958 #213959 #223A59 #223A5A #233B5A #233B5B #243C5B #243C5C #253D5C #253D5D #263E5D #263E5E #273F5E #273F5F #28405F #284060 #294160 #294161 #2A4261 #2A4262 #2B4362 #2B4363 #2C4463 #2C4464 #2D4564 #2D4565 #2E4665 #2E4666
#A3A3A3 #A4A4A4 #A2A2A2 #A3A3A3 #A5A5A5 #A4A4A4 #A2A2A2 #A3A3A3 #A4A4A4 #A3A3A3 #A1A1A1 #A2A2A2 #A3A3A3 #A2A2A2 #A0A0A0 #A1A1A1 #A2A2A2 #A1A1A1 #9F9F9F #A0A0A0 #A1A1A1 #A0A0A0 #9E9E9E #9F9F9F #A0A0A0 #9F9F9F #9D9D9D #9E9E9E
#C6C4C3 #C5C3C2 #C7C5C4 #C6C4C3 #C5C3C2 #C4C2C1 #C5C3C2 #C6C4C3 #C5C3C2 #C4C2C1 #C3C1C0 #C4C2C1 #C5C3C2 #C4C2C1 #C3C1C0 #C2C0BF #C3C1C0 #C4C2C1 #C3C1C0 #C2C0BF #C1BFBE #C2C0BF #C3C1C0 #C2C0BF #C1BFBE #C0BEBD #C1BFBE #C2C0BF
#B7B7B7 #B6B6B6 #B8B8B8 #B7B7B7 #B5B5B5 #B6B6B6 #B7B7B7 #B6B6B6 #B4B4B4 #B5B5B5 #B6B6B6 #B5B5B5 #B3B3B3 #B4B4B4 #B5B5B5 #B4B4B4 #B2B2B2 #B3B3B3 #B4B4B4 #B3B3B3 #B1B1B1 #B2B2B2 #B3B3B3 #B2B2B2 #B0B0B0 #B1B1B1 #B2B2B2 #B1B1B1
#0C2443 #0D2544 #0E2645 #0F2646 #102747 #112848 #122949 #122A4A #132A4A #142B4B #152C4C #152D4D #162D4E #172E4E #182F4F #183050 #193051 #1A3151 #1B3252 #1B3353 #1C3454 #1D3454 #1E3555 #1E3656 #1F3757 #203757 #213858 #213959
#233A5A #233B5A #243B5B #243C5B #253C5C #253D5C #263D5D #263E5D #273E5E #273F5E #283F5F #28405F #294060 #294160 #2A4161 #2A4261 #2B4262 #2B4362 #2C4363 #2C4463 #2D4464 #2D4564 #2E4565 #2E4665 #2F4666 #2F4766 #304767 #304867
#A7A7A7 #A8A8A8 #A6A6A6 #A7A7A7 #A9A9A9 #A8A8A8 #A6A6A6 #A7A7A7 #A8A8A8 #A7A7A7 #A5A5A5 #A6A6A6 #A7A7A7 #A6A6A6 #A4A4A4 #A5A5A5 #A6A6A6 #A5A5A5 #A3A3A3 #A4A4A4 #A5A5A5 #A4A4A4 #A2A2A2 #A3A3A3 #A4A4A4 #A3A3A3 #A1A1A1 #A2A2A2
#C9C7C7 #C8C6C6 #CAC8C8 #C9C7C7 #C8C6C6 #C7C5C5 #C8C6C6 #C9C7C7 #C8C6C6 #C7C5C5 #C6C4C4 #C7C5C5 #C8C6C6 #C7C5C5 #C6C4C4 #C5C3C3 #C6C4C4 #C7C5C5 #C6C4C4 #C5C3C3 #C4C2C2 #C5C3C3 #C6C4C4 #C5C3C3 #C4C2C2 #C3C1C1 #C4C2C2 #C5C3C3
#BBBBBB #BABABA #BCBCBC #BBBBBB #B9B9B9 #BABABA #BBBBBB #BABABA #B8B8B8 #B9B9B9 #BABABA #B9B9B9 #B7B7B7 #B8B8B8 #B9B9B9 #B8B8B8 #B6B6B6 #B7B7B7 #B8B8B8 #B7B7B7 #B5B5B5 #B6B6B6 #B7B7B7 #B6B6B6 #B4B4B4 #B5B5B5 #B6B6B6 #B5B5B5
#0B2342 #0C2443 #0D2544 #0E2545 #0F2646 #102747 #112848 #112949 #122949 #132A4A #142B4B #142C4C #152C4D #162D4D #172E4E #172F4F #182F50 #193050 #1A3151 #1A3252 #1B3353 #1C3353 #1D3454 #1D3555 #1E3656 #1F3656 #203757 #203858
#223959 #223A59 #233A5A #233B5A #243B5B #243C5B #253C5C #253D5C #263D5D #263E5D #273E5E #273F5E #283F5F #28405F #294060 #294160 #2A4161 #2A4261 #2B4262 #2B4362 #2C4363 #2C4463 #2D4464 #2D4564 #2E4565 #2E4665 #2F4666 #2F4766
#A4A4A4 #A5A5A5 #A3A3A3 #A4A4A4 #A6A6A6 #A5A5A5 #A3A3A3 #A4A4A4 #A5A5A5 #A4A4A4 #A2A2A2 #A3A3A3 #A4A4A4 #A3A3A3 #A1A1A1 #A2A2A2 #A3A3A3 #A2A2A2 #A0A0A0 #A1A1A1 #A2A2A2 #A1A1A1 #9F9F9F #A0A0A0 #A1A1A1 #A0A0A0 #9E9E9E #9F9F9F
#C7C5C4 #C6C4C3 #C8C6C5 #C7C5C4 #C6C4C3 #C5C3C2 #C6C4C3 #C7C5C4 #C6C4C3 #C5C3C2 #C4C2C1 #C5C3C2 #C6C4C3 #C5C3C2 #C4C2C1 #C3C1C0 #C4C2C1 #C5C3C2 #C4C2C1 #C3C1C0 #C2C0BF #C3C1C0 #C4C2C1 #C3C1C0 #C2C0BF #C1BFBE #C2C0BF #C3C1C0
#B8B8B8 #B7B7B7 #B9B9B9 #B8B8B8 #B6B6B6 #B7B7B7 #B8B8B8 #B7B7B7 #B5B5B5 #B6B6B6 #B7B7B7 #B6B6B6 #B4B4B4 #B5B5B5 #B6B6B6 #B5B5B5 #B3B3B3 #B4B4B4 #B5B5B5 #B4B4B4 #B2B2B2 #B3B3B3 #B4B4B4 #B3B3B3 #B1B1B1 #B2B2B2 #B3B3B3 #B2B2B2
#0A2241 #0B2342 #0C2443 #0D2444 #0E2545 #0F2646 #102747 #102848 #112849 #122949 #132A4A #132B4B #142B4C #152C4D #162D4D #162E4E #172E4F #182F50 #193050 #193151 #1A3252 #1B3253 #1C3353 #1C3454 #1D3555 #1E3556 #1F3656 #1F3757
#213958 #213959 #223A59 #223A5A #233B5A #233B5B #243C5B #243C5C #253D5C #253D5D #263E5D #263E5E #273F5E #273F5F #28405F #284060 #294160 #294161 #2A4261 #2A4262 #2B4362 #2B4363 #2C4463 #2C4464 #2D4564 #2D4565 #2E4665 #2E4666
#A2A2A2 #A3A3A3 #A1A1A1 #A2A2A2 #A4A4A4 #A3A3A3 #A1A1A1 #A2A2A2 #A3A3A3 #A2A2A2 #A0A0A0 #A1A1A1 #A2A2A2 #A1A1A1 #9F9F9F #A0A0A0 #A1A1A1 #A0A0A0 #9E9E9E #9F9F9F #A0A0A0 #9F9F9F #9D9D9D #9E9E9E #9F9F9F #9E9E9E #9C9C9C #9D9D9D
#C5C3C2 #C4C2C1 #C6C4C3 #C5C3C2 #C4C2C1 #C3C1C0 #C4C2C1 #C5C3C2 #C4C2C1 #C3C1C0 #C2C0BF #C3C1C0 #C4C2C1 #C3C1C0 #C2C0BF #C1BFBE #C2C0BF #C3C1C0 #C2C0BF #C1BFBE #C0BEBD #C1BFBE #C2C0BF #C1BFBE #C0BEBD #BFBDBC #C0BEBD #C1BFBE
#B6B6B6 #B5B5B5 #B7B7B7 #B6B6B6 #B4B4B4 #B5B5B5 #B6B6B6 #B5B5B5 #B3B3B3 #B4B4B4 #B5B5B5 #B4B4B4 #B2B2B2 #B3B3B3 #B4B4B4 #B3B3B3 #B1B1B1 #B2B2B2 #B3B3B3 #B2B2B2 #B0B0B0 #B1B1B1 #B2B2B2 #B1B1B1 #AFAFAF #B0B0B0 #B1B1B1 #B0B0B0
#0C2443 #0D2544 #0E2645 #0F2646 #102747 #112848 #122949 #122A4A #132A4A #142B4B #152C4C #152D4D #162D4E #172E4E #182F4F #183050 #193051 #1A3151 #1B3252 #1B3353 #1C3454 #1D3454 #1E3555 #1E3656 #1F3757 #203757 #213858 #213959
#233A5A #233B5A #243B5B #243C5B #253C5C #253D5C #263D5D #263E5D #273E5E #273F5E #283F5F #28405F #294060 #294160 #2A4161 #2A4261 #2B4262 #2B4362 #2C4363 #2C4463 #2D4464 #2D4564 #2E4565 #2E4665 #2F4666 #2F4766 #304767 #304867
#A6A6A6 #A7A7A7 #A5A5A5 #A6A6A6 #A8A8A8 #A7A7A7 #A5A5A5 #A6A6A6 #A7A7A7 #A6A6A6 #A4A4A4 #A5A5A5 #A6A6A6 #A5A5A5 #A3A3A3 #A4A4A4 #A5A5A5 #A4A4A4 #A2A2A2 #A3A3A3 #A4A4A4 #A3A3A3 #A1A1A1 #A2A2A2 #A3A3A3 #A2A2A2 #A0A0A0 #A1A1A1
#C8C6C6 #C7C5C5 #C9C7C7 #C8C6C6 #C7C5C5 #C6C4C4 #C7C5C5 #C8C6C6 #C7C5C5 #C6C4C4 #C5C3C3 #C6C4C4 #C7C5C5 #C6C4C4 #C5C3C3 #C4C2C2 #C5C3C3 #C6C4C4 #C5C3C3 #C4C2C2 #C3C1C1 #C4C2C2 #C5C3C3 #C4C2C2 #C3C1C1 #C2C0C0 #C3C1C1 #C4C2C2
#BABABA #B9B9B9 #BBBBBB #BABABA #B8B8B8 #B9B9B9 #BABABA #B9B9B9 #B7B7B7 #B8B8B8 #B9B9B9 #B8B8B8 #B6B6B6 #B7B7B7 #B8B8B8 #B7B7B7 #B5B5B5 #B6B6B6 #B7B7B7 #B6B6B6 #B4B4B4 #B5B5B5 #B6B6B6 #B5B5B5 #B3B3B3 #B4B4B4 #B5B5B5 #B4B4B4
#0B2342 #0C2443 #0D2544 #0E2545 #0F2646 #102747 #112848 #112949 #122949 #132A4A #142B4B #142C4C #152C4D #162D4D #172E4E #172F4F #182F50 #193050 #1A3151 #1A3252 #1B3353 #1C3353 #1D3454 #1D3555 #1E3656 #1F3656 #203757 #203858
#223959 #223A59 #233A5A #233B5A #243B5B #243C5B #253C5C #253D5C #263D5D #263E5D #273E5E #273F5E #283F5F #28405F #294060 #294160 #2A4161 #2A4261 #2B4262 #2B4362 #2C4363 #2C4463 #2D4464 #2D4564 #2E4565 #2E4665 #2F4666 #2F4766
#A3A3A3 #A4A4A4 #A2A2A2 #A3A3A3 #A5A5A5 #A4A4A4 #A2A2A2 #A3A3A3 #A4A4A4 #A3A3A3 #A1A1A1 #A2A2A2 #A3A3A3 #A2A2A2 #A0A0A0 #A1A1A1 #A2A2A2 #A1A1A1 #9F9F9F #A0A0A0 #A1A1A1 #A0A0A0 #9E9E9E #9F9F9F #A0A0A0 #9F9F9F #9D9D9D #9E9E9E
#C6C4C3 #C5C3C2 #C7C5C4 #C6C4C3 #C5C3C2 #C4C2C1 #C5C3C2 #C6C4C3 #C5C3C2 #C4C2C1 #C3C1C0 #C4C2C1 #C5C3C2 #C4C2C1 #C3C1C0 #C2C0BF #C3C1C0 #C4C2C1 #C3C1C0 #C2C0BF #C1BFBE #C2C0BF #C3C1C0 #C2C0BF #C1BFBE #C0BEBD #C1BFBE #C2C0BF
#B7B7B7 #B6B6B6 #B8B8B8 #B7B7B7 #B5B5B5 #B6B6B6 #B7B7B7 #B6B6B6 #B4B4B4 #B5B5B5 #B6B6B6 #B5B5B5 #B3B3B3 #B4B4B4 #B5B5B5 #B4B4B4 #B2B2B2 #B3B3B3 #B4B4B4 #B3B3B3 #B1B1B1 #B2B2B2 #B3B3B3 #B2B2B2 #B0B0B0 #B1B1B1 #B2B2B2 #B1B1B1
#0A2241 #0B2342 #0C2443 #0D2444 #0E2545 #0F2646 #102747 #102848 #112849 #122949 #132A4A #132B4B #142B4C #152C4D #162D4D #162E4E #172E4F #182F50 #193050 #193151 #1A3252 #1B3253 #1C3353 #1C3454 #1D3555 #1E3556 #1F3656 #1F3757
#213958 #213959 #223A59 #223A5A #233B5A #233B5B #243C5B #243C5C #253D5C #253D5D #263E5D #263E5E #273F5E #273F5F #28405F #284060 #294160 #294161 #2A4261 #2A4262 #2B4362 #2B4363 #2C4463 #2C4464 #2D4564 #2D4565 #2E4665 #2E4666
#A1A1A1 #A2A2A2 #A0A0A0 #A1A1A1 #A3A3A3 #A2A2A2 #A0A0A0 #A1A1A1 #A2A2A2 #A1A1A1 #9F9F9F #A0A0A0 #A1A1A1 #A0A0A0 #9E9E9E #9F9F9F #A0A0A0 #9F9F9F #9D9D9D #9E9E9E #9F9F9F #9E9E9E #9C9C9C #9D9D9D #9E9E9E #9D9D9D #9B9B9B #9C9C9C
#C4C2C1 #C3C1C0 #C5C3C2 #C4C2C1 #C3C1C0 #C2C0BF #C3C1C0 #C4C2C1 #C3C1C0 #C2C0BF #C1BFBE #C2C0BF #C3C1C0 #C2C0BF #C1BFBE #C0BEBD #C1BFBE #C2C0BF #C1BFBE #C0BEBD #BFBDBC #C0BEBD #C1BFBE #C0BEBD #BFBDBC #BEBCBB #BFBDBC #C0BEBD
#B5B5B5 #B4B4B4 #B6B6B6 #B5B5B5 #B3B3B3 #B4B4B4 #B5B5B5 #B4B4B4 #B2B2B2 #B3B3B3 #B4B4B4 #B3B3B3 #B1B1B1 #B2B2B2 #B3B3B3 #B2B2B2 #B0B0B0 #B1B1B1 #B2B2B2 #B1B1B1 #AFAFAF #B0B0B0 #B1B1B1 #B0B0B0 #AEAEAE #AFAFAF #B0B0B0 #AFAFAF
#0C2443 #0D2544 #0E2645 #0F2646 #102747 #112848 #122949 #122A4A #132A4A #142B4B #152C4C #152D4D #162D4E #172E4E #182F4F #183050 #193051 #1A3151 #1B3252 #1B3353 #1C3454 #1D3454 #1E3555 #1E3656 #1F3757 #203757 #213858 #213959
#233A5A #233B5A #243B5B #243C5B #253C5C #253D5C #263D5D #263E5D #273E5E #273F5E #283F5F #28405F #294060 #294160 #2A4161 #2A4261 #2B4262 #2B4362 #2C4363 #2C4463 #2D4464 #2D4564 #2E4565 #2E4665 #2F4666 #2F4766 #304767 #304867
#A5A5A5 #A6A6A6 #A4A4A4 #A5A5A5 #A7A7A7 #A6A6A6 #A4A4A4 #A5A5A5 #A6A6A6 #A5A5A5 #A3A3A3 #A4A4A4 #A5A5A5 #A4A4A4 #A2A2A2 #A3A3A3 #A4A4A4 #A3A3A3 #A1A1A1 #A2A2A2 #A3A3A3 #A2A2A2 #A0A0A0 #A1A1A1 #A2A2A2 #A1A1A1 #9F9F9F #A0A0A0
#C7C5C5 #C6C4C4 #C8C6C6 #C7C5C5 #C6C4C4 #C5C3C3 #C6C4C4 #C7C5C5 #C6C4C4 #C5C3C3 #C4C2C2 #C5C3C3 #C6C4C4 #C5C3C3 #C4C2C2 #C3C1C1 #C4C2C2 #C5C3C3 #C4C2C2 #C3C1C1 #C2C0C0 #C3C1C1 #C4C2C2 #C3C1C1 #C2C0C0 #C1BFBF #C2C0C0 #C3C1C1
#B9B9B9 #B8B8B8 #BABABA #B9B9B9 #B7B7B7 #B8B8B8 #B9B9B9 #B8B8B8 #B6B6B6 #B7B7B7 #B8B8B8 #B7B7B7 #B5B5B5 #B6B6B6 #B7B7B7 #B6B6B6 #B4B4B4 #B5B5B5 #B6B6B6 #B5B5B5 #B3B3B3 #B4B4B4 #B5B5B5 #B4B4B4 #B2B2B2 #B3B3B3 #B4B4B4 #B3B3B3
#0B2342 #0C2443 #0D2544 #0E2545 #0F2646 #102747 #112848 #112949 #122949 #132A4A #142B4B #142C4C #152C4D #162D4D #172E4E #172F4F #182F50 #193050 #1A3151 #1A3252 #1B3353 #1C3353 #1D3454 #1D3555 #1E3656 #1F3656 #203757 #203858
#223959 #223A59 #233A5A #233B5A #243B5B #243C5B #253C5C #253D5C #263D5D #263E5D #273E5E #273F5E #283F5F #28405F #294060 #294160 #2A4161 #2A4261 #2B4262 #2B4362 #2C4363 #2C4463 #2D4464 #2D4564 #2E4565 #2E4665 #2F4666 #2F4766
#A2A2A2 #A3A3A3 #A1A1A1 #A2A2A2 #A4A4A4 #A3A3A3 #A1A1A1 #A2A2A2 #A3A3A3 #A2A2A2 #A0A0A0 #A1A1A1 #A2A2A2 #A1A1A1 #9F9F9F #A0A0A0 #A1A1A1 #A0A0A0 #9E9E9E #9F9F9F #A0A0A0 #9F9F9F #9D9D9D #9E9E9E #9F9F9F #9E9E9E #9C9C9C #9D9D9D
#C5C3C2 #C4C2C1 #C6C4C3 #C5C3C2 #C4C2C1 #C3C1C0 #C4C2C1 #C5C3C2 #C4C2C1 #C3C1C0 #C2C0BF #C3C1C0 #C4C2C1 #C3C1C0 #C2C0BF #C1BFBE #C2C0BF #C3C1C0 #C2C0BF #C1BFBE #C0BEBD #C1BFBE #C2C0BF #C1BFBE #C0BEBD #BFBDBC #C0BEBD #C1BFBE
#B6B6B6 #B5B5B5 #B7B7B7 #B6B6B6 #B4B4B4 #B5B5B5 #B6B6B6 #B5B5B5 #B3B3B3 #B4B4B4 #B5B5B5 #B4B4B4 #B2B2B2 #B3B3B3 #B4B4B4 #B3B3B3 #B1B1B1 #B2B2B2 #B3B3B3 #B2B2B2 #B0B0B0 #B1B1B1 #B2B2B2 #B1B1B1 #AFAFAF #B0B0B0 #B1B1B1 #B0B0B0
#0A2241 #0B2342 #0C2443 #0D2444 #0E2545 #0F2646 #102747 #102848 #112849 #122949 #132A4A #132B4B #142B4C #152C4D #162D4D #162E4E #172E4F #182F50 #193050 #193151 #1A3252 #1B3253 #1C3353 #1C3454 #1D3555 #1E3556 #1F3656 #1F3757
#213958 #213959 #223A59 #223A5A #233B5A #233B5B #243C5B #243C5C #253D5C #253D5D #263E5D #263E5E #273F5E #273F5F #28405F #284060 #294160 #294161 #2A4261 #2A4262 #2B4362 #2B4363 #2C4463 #2C4464 #2D4564 #2D4565 #2E4665 #2E4666
#A0A0A0 #A1A1A1 #9F9F9F #A0A0A0 #A2A2A2 #A1A1A1 #9F9F9F #A0A0A0 #A1A1A1 #A0A0A0 #9E9E9E #9F9F9F #A0A0A0 #9F9F9F #9D9D9D #9E9E9E #9F9F9F #9E9E9E #9C9C9C #9D9D9D #9E9E9E #9D9D9D #9B9B9B #9C9C9C #9D9D9D #9C9C9C #9A9A9A #9B9B9B
#C3C1C0 #C2C0BF #C4C2C1 #C3C1C0 #C2C0BF #C1BFBE #C2C0BF #C3C1C0 #C2C0BF #C1BFBE #C0BEBD #C1BFBE #C2C0BF #C1BFBE #C0BEBD #BFBDBC #C0BEBD #C1BFBE #C0BEBD #BFBDBC #BEBCBB #BFBDBC #C0BEBD #BFBDBC #BEBCBB #BDBBBA #BEBCBB #BFBDBC
#B4B4B4 #B3B3B3 #B5B5B5 #B4B4B4 #B2B2B2 #B3B3B3 #B4B4B4 #B3B3B3 #B1B1B1 #B2B2B2 #B3B3B3 #B2B2B2 #B0B0B0 #B1B1B1 #B2B2B2 #B1B1B1 #AFAFAF #B0B0B0 #B1B1B1 #B0B0B0 #AEAEAE #AFAFAF #B0B0B0 #AFAFAF #ADADAD #AEAEAE #AFAFAF #AEAEAE
#0C2443 #0D2544 #0E2645 #0F2646 #102747 #112848 #122949 #122A4A #132A4A #142B4B #152C4C #152D4D #162D4E #172E4E #182F4F #183050 #193051 #1A3151 #1B3252 #1B3353 #1C3454 #1D3454 #1E3555 #1E3656 #1F3757 #203757 #213858 #213959
#233A5A #233B5A #243B5B #243C5B #253C5C #253D5C #263D5D #263E5D #273E5E #273F5E #283F5F #28405F #294060 #294160 #2A4161 #2A4261 #2B4262 #2B4362 #2C4363 #2C4463 #2D4464 #2D4564 #2E4565 #2E4665 #2F4666 #2F4766 #304767 #304867
#A4A4A4 #A5A5A5 #A3A3A3 #A4A4A4 #A6A6A6 #A5A5A5 #A3A3A3 #A4A4A4 #A5A5A5 #A4A4A4 #A2A2A2 #A3A3A3 #A4A4A4 #A3A3A3 #A1A1A1 #A2A2A2 #A3A3A3 #A2A2A2 #A0A0A0 #A1A1A1 #A2A2A2 #A1A1A1 #9F9F9F #A0A0A0 #A1A1A1 #A0A0A0 #9E9E9E #9F9F9F
#C6C4C4 #C5C3C3 #C7C5C5 #C6C4C4 #C5C3C3 #C4C2C2 #C5C3C3 #C6C4C4 #C5C3C3 #C4C2C2 #C3C1C1 #C4C2C2 #C5C3C3 #C4C2C2 #C3C1C1 #C2C0C0 #C3C1C1 #C4C2C2 #C3C1C1 #C2C0C0 #C1BFBF #C2C0C0 #C3C1C1 #C2C0C0 #C1BFBF #C0BEBE #C1BFBF #C2C0C0
#B8B8B8 #B7B7B7 #B9B9B9 #B8B8B8 #B6B6B6 #B7B7B7 #B8B8B8 #B7B7B7 #B5B5B5 #B6B6B6 #B7B7B7 #B6B6B6 #B4B4B4 #B5B5B5 #B6B6B6 #B5B5B5 #B3B3B3 #B4B4B4 #B5B5B5 #B4B4B4 #B2B2B2 #B3B3B3 #B4B4B4 #B3B3B3 #B1B1B1 #B2B2B2 #B3B3B3 #B2B2B2
#0B2342 #0C2443 #0D2544 #0E2545 #0F2646 #102747 #112848 #112949 #122949 #132A4A #142B4B #142C4C #152C4D #162D4D #172E4E #172F4F #182F50 #193050 #1A3151 #1A3252 #1B3353 #1C3353 #1D3454 #1D3555 #1E3656 #1F3656 #203757 #203858
#223959 #223A59 #233A5A #233B5A #243B5B #243C5B #253C5C #253D5C #263D5D #263E5D #273E5E #273F5E #283F5F #28405F #294060 #294160 #2A4161 #2A4261 #2B4262 #2B4362 #2C4363 #2C4463 #2D4464 #2D4564 #2E4565 #2E4665 #2F4666 #2F4766
#A1A1A1 #A2A2A2 #A0A0A0 #A1A1A1 #A3A3A3 #A2A2A2 #A0A0A0 #A1A1A1 #A2A2A2 #A1A1A1 #9F9F9F #A0A0A0 #A1A1A1 #A0A0A0 #9E9E9E #9F9F9F #A0A0A0 #9F9F9F #9D9D9D #9E9E9E #9F9F9F #9E9E9E #9C9C9C #9D9D9D #9E9E9E #9D9D9D #9B9B9B #9C9C9C
#C4C2C1 #C3C1C0 #C5C3C2 #C4C2C1 #C3C1C0 #C2C0BF #C3C1C0 #C4C2C1 #C3C1C0 #C2C0BF #C1BFBE #C2C0BF #C3C1C0 #C2C0BF #C1BFBE #C0BEBD #C1BFBE #C2C0BF #C1BFBE #C0BEBD #BFBDBC #C0BEBD #C1BFBE #C0BEBD #BFBDBC #BEBCBB #BFBDBC #C0BEBD
#B5B5B5 #B4B4B4 #B6B6B6 #B5B5B5 #B3B3B3 #B4B4B4 #B5B5B5 #B4B4B4 #B2B2B2 #B3B3B3 #B4B4B4 #B3B3B3 #B1B1B1 #B2B2B2 #B3B3B3 #B2B2B2 #B0B0B0 #B1B1B1 #B2B2B2 #B1B1B1 #AFAFAF #B0B0B0 #B1B1B1 #B0B0B0 #AEAEAE #AFAFAF #B0B0B0 #AFAFAF
#0A2241 #0B2342 #0C2443 #0D2444 #0E2545 #0F2646 #102747 #102848 #112849 #122949 #132A4A #132B4B #142B4C #152C4D #162D4D #162E4E #172E4F #182F50 #193050 #193151 #1A3252 #1B3253 #1C3353 #1C3454 #1D3555 #1E3556 #1F3656 #1F3757
#213958 #213959 #223A59 #223A5A #233B5A #233B5B #243C5B #243C5C #253D5C #253D5D #263E5D #263E5E #273F5E #273F5F #28405F #284060 #294160 #294161 #2A4261 #2A4262 #2B4362 #2B4363 #2C4463 #2C4464 #2D4564 #2D4565 #2E4665 #2E4666
#9F9F9F #A0A0A0 #9E9E9E #9F9F9F #A1A1A1 #A0A0A0 #9E9E9E #9F9F9F #A0A0A0 #9F9F9F #9D9D9D #9E9E9E #9F9F9F #9E9E9E #9C9C9C #9D9D9D #9E9E9E #9D9D9D #9B9B9B #9C9C9C #9D9D9D #9C9C9C #9A9A9A #9B9B9B #9C9C9C #9B9B9B #999999 #9A9A9A
#C2C0BF #C1BFBE #C3C1C0 #C2C0BF #C1BFBE #C0BEBD #C1BFBE #C2C0BF #C1BFBE #C0BEBD #BFBDBC #C0BEBD #C1BFBE #C0BEBD #BFBDBC #BEBCBB #BFBDBC #C0BEBD #BFBDBC #BEBCBB #BDBBBA #BEBCBB #BFBDBC #BEBCBB #BDBBBA #BCBAB9 #BDBBBA #BEBCBB
#0B233C #0B2440 #0B2440 #0C2540 #0E2541 #0F2642 #112743 #122843 #132844 #142945 #152A46 #162B47 #172C48 #182D49 #192E4A #1A2F4B #1B304C #1C314D #1D324E #1E334F #1F3450 #203551 #213652 #223753 #233854 #243955 #253A56 #263B57
#0B233C #0B243E #0B2540 #0D2540 #0E2540 #0F2641 #102742 #112843 #122944 #132A45 #142B46 #152C47 #162D48 #172E49 #182F4A #19304B #1A314C #1B324D #1C334E #1D344F #1E3550 #1F3651 #203752 #213853 #223954 #233A55 #243B56 #253C57
